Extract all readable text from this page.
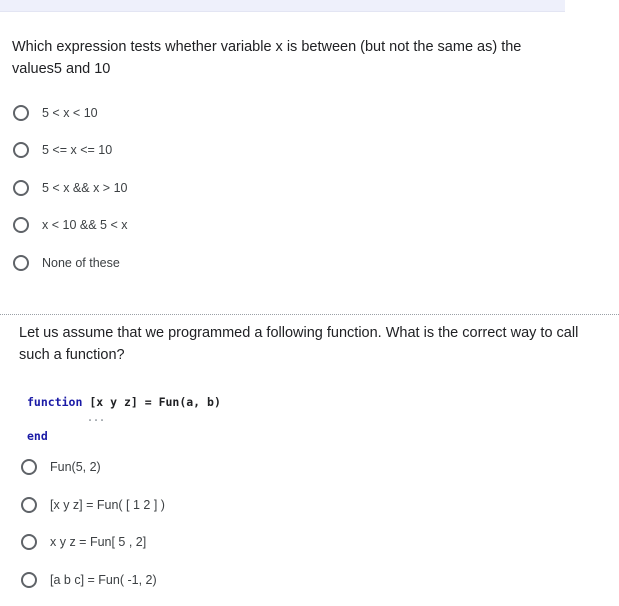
Which expression tests whether variable x is between (but not the same as) the values5 and 10
5 < x < 10
5 <= x <= 10
5 < x && x > 10
x < 10 && 5 < x
None of these
Let us assume that we programmed a following function. What is the correct way to call such a function?
function [x y z] = Fun(a, b)
...
end
Fun(5, 2)
[x y z] = Fun( [ 1 2 ] )
x y z = Fun[ 5 , 2]
[a b c] = Fun( -1, 2)
